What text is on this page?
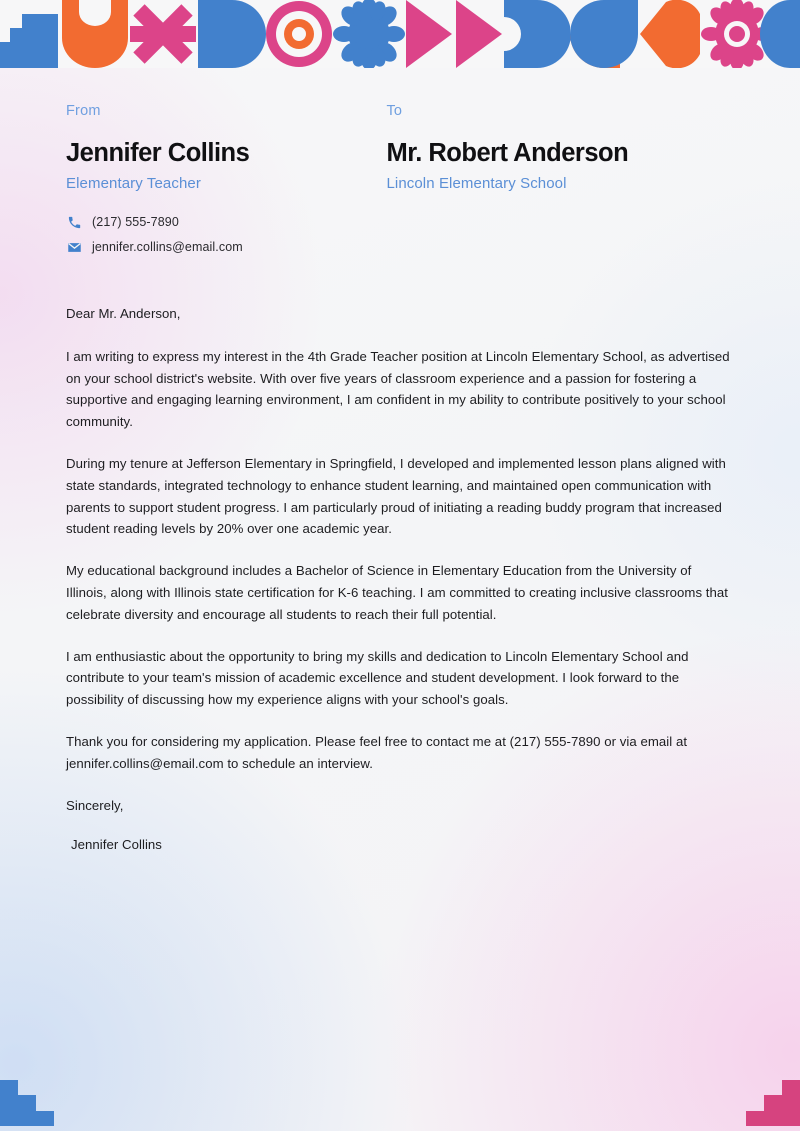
From
Jennifer Collins
Elementary Teacher
To
Mr. Robert Anderson
Lincoln Elementary School
(217) 555-7890
jennifer.collins@email.com

Dear Mr. Anderson,

I am writing to express my interest in the 4th Grade Teacher position at Lincoln Elementary School, as advertised on your school district's website. With over five years of classroom experience and a passion for fostering a supportive and engaging learning environment, I am confident in my ability to contribute positively to your school community.

During my tenure at Jefferson Elementary in Springfield, I developed and implemented lesson plans aligned with state standards, integrated technology to enhance student learning, and maintained open communication with parents to support student progress. I am particularly proud of initiating a reading buddy program that increased student reading levels by 20% over one academic year.

My educational background includes a Bachelor of Science in Elementary Education from the University of Illinois, along with Illinois state certification for K-6 teaching. I am committed to creating inclusive classrooms that celebrate diversity and encourage all students to reach their full potential.

I am enthusiastic about the opportunity to bring my skills and dedication to Lincoln Elementary School and contribute to your team's mission of academic excellence and student development. I look forward to the possibility of discussing how my experience aligns with your school's goals.

Thank you for considering my application. Please feel free to contact me at (217) 555-7890 or via email at jennifer.collins@email.com to schedule an interview.

Sincerely,

Jennifer Collins
